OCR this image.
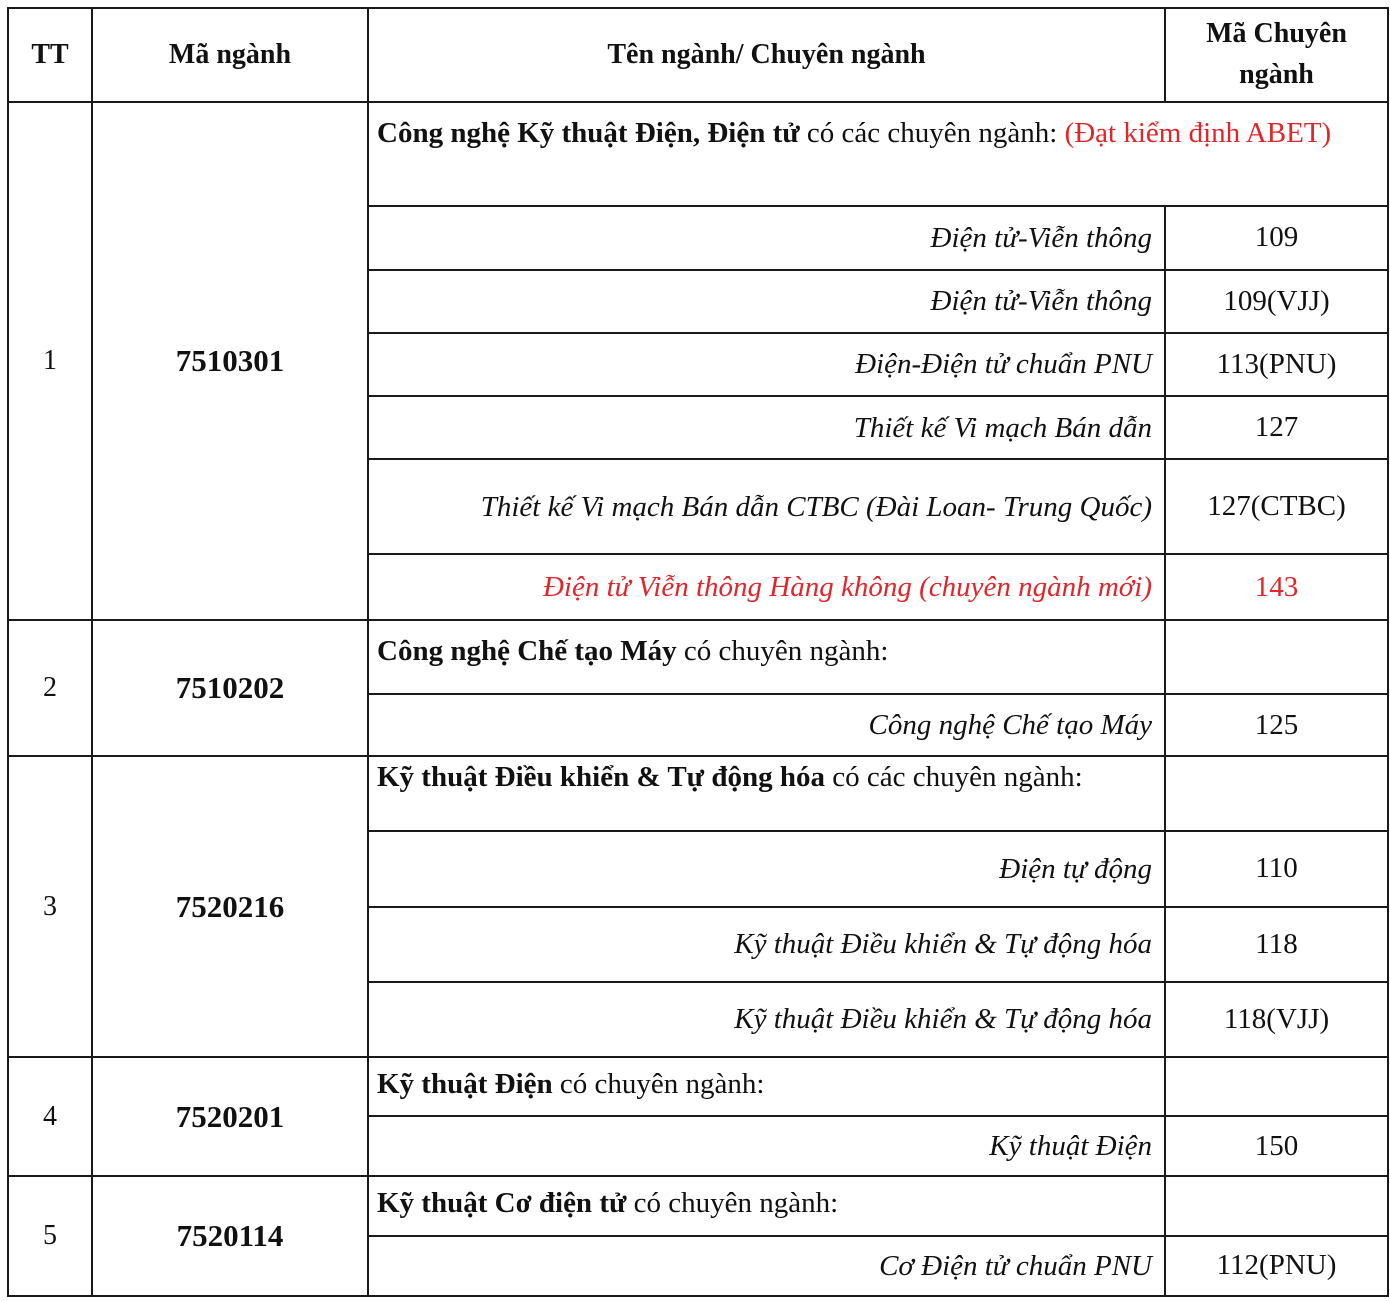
TT	Mã ngành	Tên ngành/ Chuyên ngành	Mã Chuyên ngành
1	7510301	Công nghệ Kỹ thuật Điện, Điện tử có các chuyên ngành: (Đạt kiểm định ABET)	
		Điện tử-Viễn thông	109
		Điện tử-Viễn thông	109(VJJ)
		Điện-Điện tử chuẩn PNU	113(PNU)
		Thiết kế Vi mạch Bán dẫn	127
		Thiết kế Vi mạch Bán dẫn CTBC (Đài Loan- Trung Quốc)	127(CTBC)
		Điện tử Viễn thông Hàng không (chuyên ngành mới)	143
2	7510202	Công nghệ Chế tạo Máy có chuyên ngành:	
		Công nghệ Chế tạo Máy	125
3	7520216	Kỹ thuật Điều khiển & Tự động hóa có các chuyên ngành:	
		Điện tự động	110
		Kỹ thuật Điều khiển & Tự động hóa	118
		Kỹ thuật Điều khiển & Tự động hóa	118(VJJ)
4	7520201	Kỹ thuật Điện có chuyên ngành:	
		Kỹ thuật Điện	150
5	7520114	Kỹ thuật Cơ điện tử có chuyên ngành:	
		Cơ Điện tử chuẩn PNU	112(PNU)
